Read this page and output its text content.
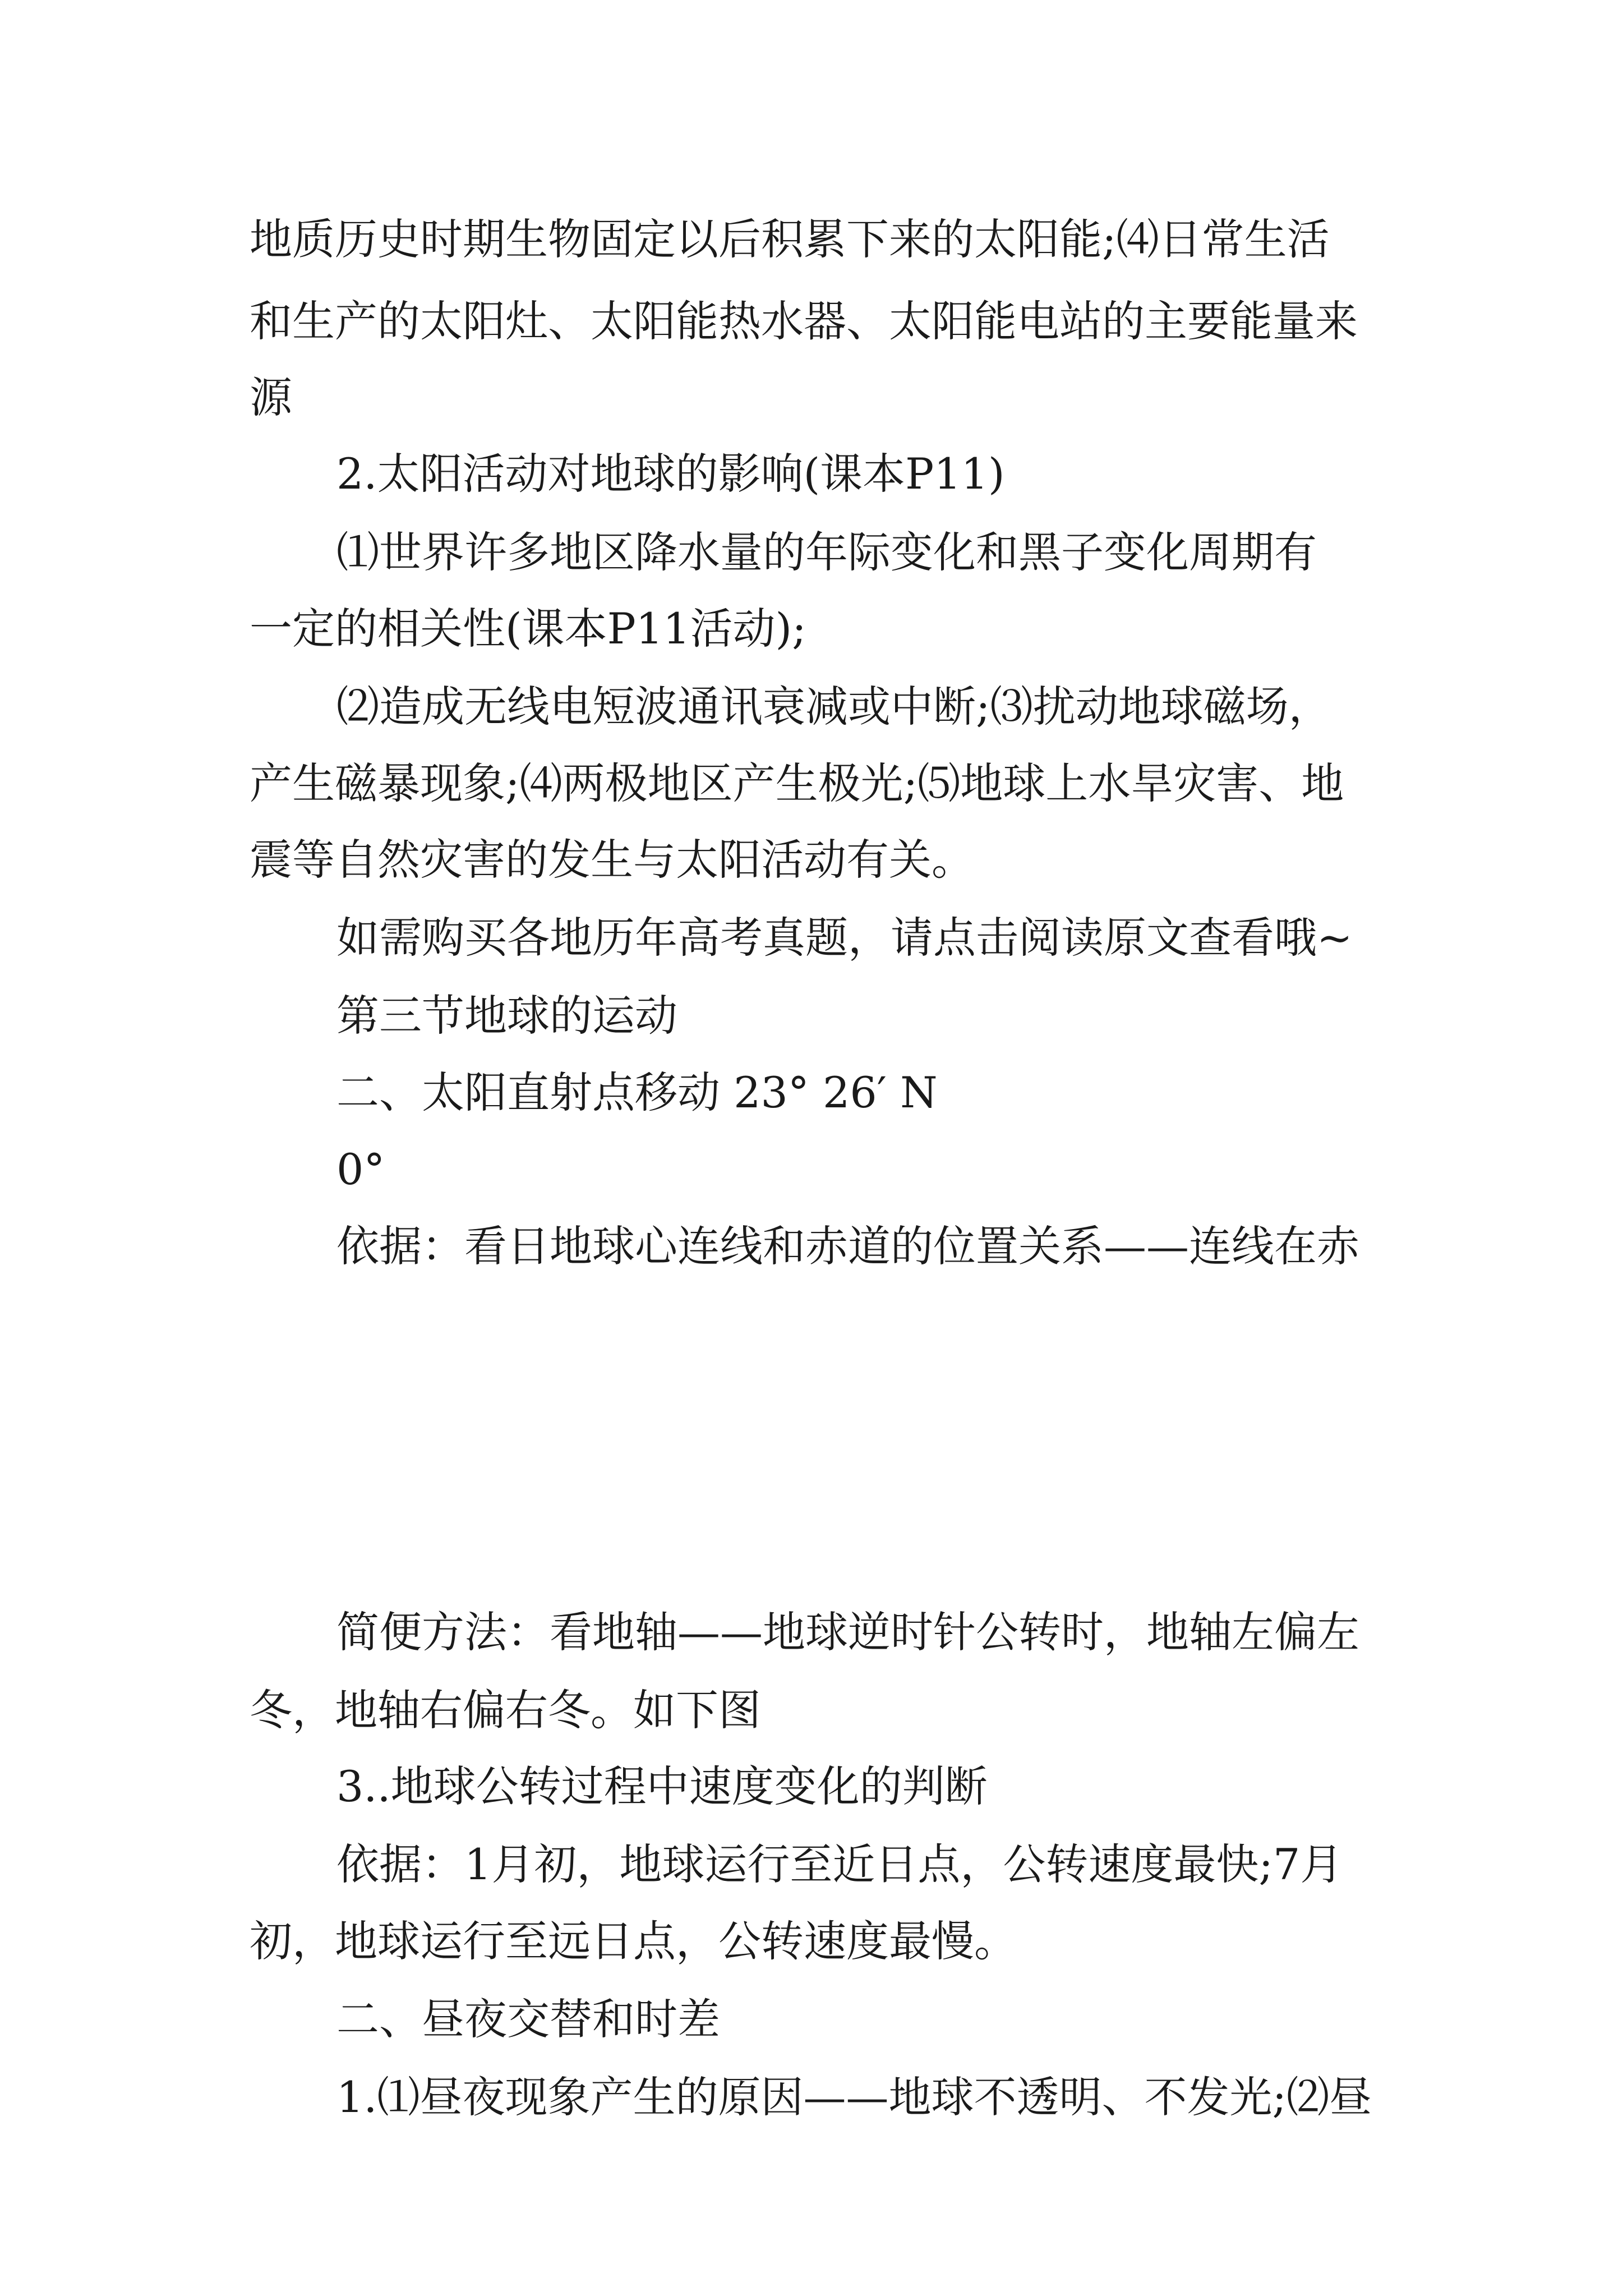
地质历史时期生物固定以后积累下来的太阳能;⑷日常生活
和生产的太阳灶、太阳能热水器、太阳能电站的主要能量来
源
2.太阳活动对地球的影响(课本P11)
⑴世界许多地区降水量的年际变化和黑子变化周期有
一定的相关性(课本P11活动);
⑵造成无线电短波通讯衰减或中断;⑶扰动地球磁场，
产生磁暴现象;⑷两极地区产生极光;⑸地球上水旱灾害、地
震等自然灾害的发生与太阳活动有关。
如需购买各地历年高考真题，请点击阅读原文查看哦~
第三节地球的运动
二、太阳直射点移动 23° 26′ N
0°
依据：看日地球心连线和赤道的位置关系——连线在赤
简便方法：看地轴——地球逆时针公转时，地轴左偏左
冬，地轴右偏右冬。如下图
3..地球公转过程中速度变化的判断
依据：1月初，地球运行至近日点，公转速度最快;7月
初，地球运行至远日点，公转速度最慢。
二、昼夜交替和时差
1.⑴昼夜现象产生的原因——地球不透明、不发光;⑵昼
